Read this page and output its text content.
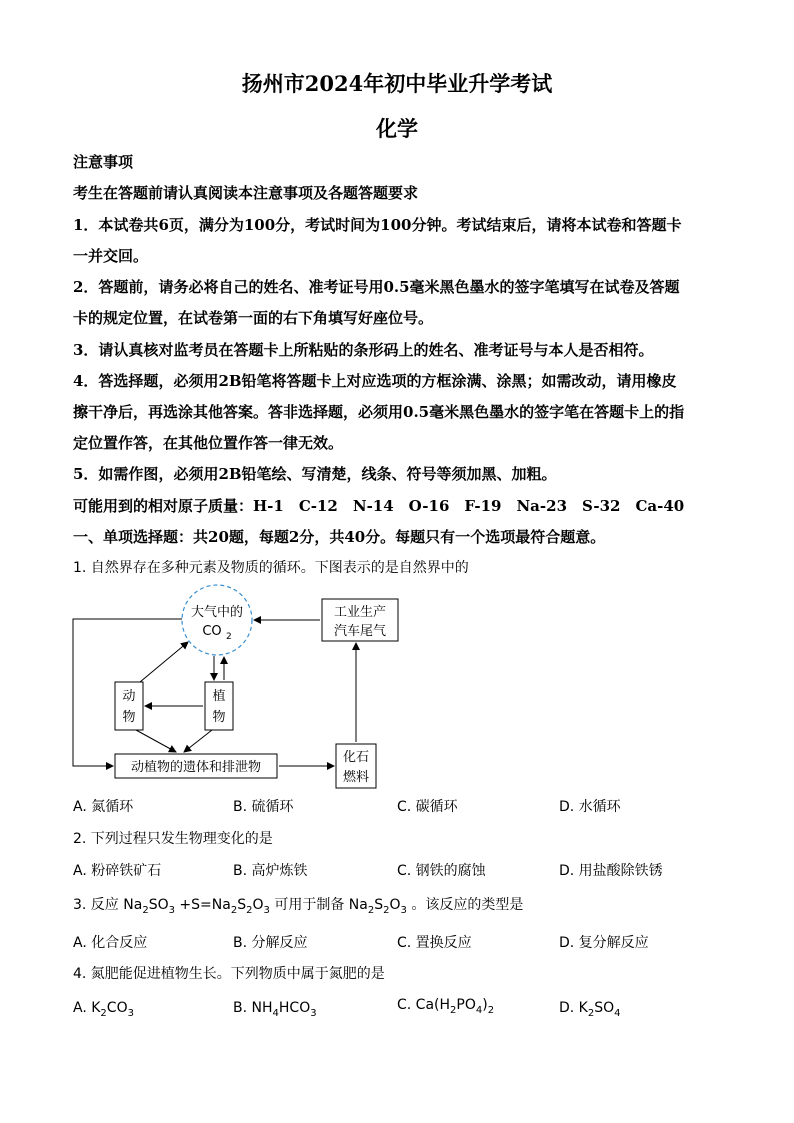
扬州市2024年初中毕业升学考试
化学
注意事项
考生在答题前请认真阅读本注意事项及各题答题要求
1．本试卷共6页，满分为100分，考试时间为100分钟。考试结束后，请将本试卷和答题卡
一并交回。
2．答题前，请务必将自己的姓名、准考证号用0.5毫米黑色墨水的签字笔填写在试卷及答题
卡的规定位置，在试卷第一面的右下角填写好座位号。
3．请认真核对监考员在答题卡上所粘贴的条形码上的姓名、准考证号与本人是否相符。
4．答选择题，必须用2B铅笔将答题卡上对应选项的方框涂满、涂黑；如需改动，请用橡皮
擦干净后，再选涂其他答案。答非选择题，必须用0.5毫米黑色墨水的签字笔在答题卡上的指
定位置作答，在其他位置作答一律无效。
5．如需作图，必须用2B铅笔绘、写清楚，线条、符号等须加黑、加粗。
可能用到的相对原子质量：H-1　C-12　N-14　O-16　F-19　Na-23　S-32　Ca-40
一、单项选择题：共20题，每题2分，共40分。每题只有一个选项最符合题意。
1. 自然界存在多种元素及物质的循环。下图表示的是自然界中的
大气中的
CO 2
工业生产
汽车尾气
动
物
植
物
动植物的遗体和排泄物
化石
燃料
A. 氮循环	B. 硫循环	C. 碳循环	D. 水循环
2. 下列过程只发生物理变化的是
A. 粉碎铁矿石	B. 高炉炼铁	C. 钢铁的腐蚀	D. 用盐酸除铁锈
3. 反应 $Na_2SO_3 +S=Na_2S_2O_3$ 可用于制备 $Na_2S_2O_3$ 。该反应的类型是
A. 化合反应	B. 分解反应	C. 置换反应	D. 复分解反应
4. 氮肥能促进植物生长。下列物质中属于氮肥的是
A. $K_2CO_3$	B. $NH_4HCO_3$
C. $Ca(H_2PO_4)_2$	D. $K_2SO_4$
